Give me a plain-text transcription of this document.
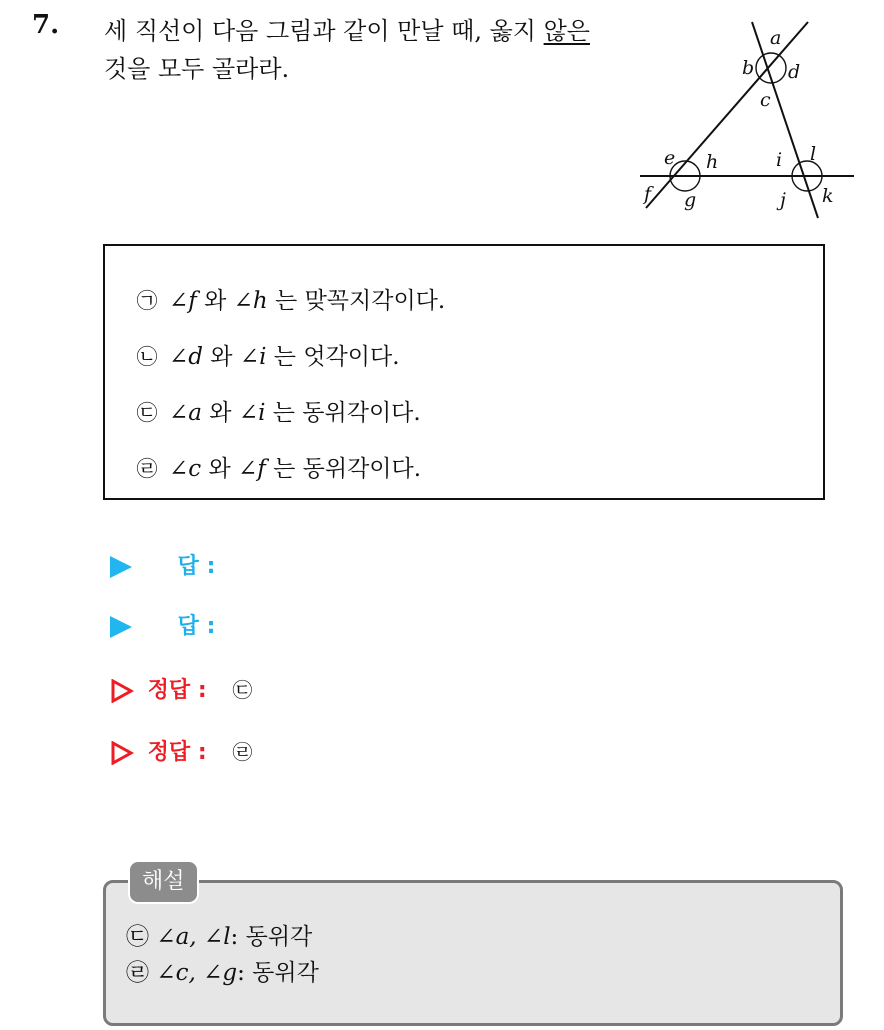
7. 세 직선이 다음 그림과 같이 만날 때, 옳지 않은
것을 모두 골라라.
a
b
c
d
e
f g
h	i
j k
l
㉠ ∠f 와 ∠h 는 맞꼭지각이다.
㉡ ∠d 와 ∠i 는 엇각이다.
㉢ ∠a 와 ∠i 는 동위각이다.
㉣ ∠c 와 ∠f 는 동위각이다.
답 :
답 :
정답 : ㉢
정답 : ㉣
해설
㉢ ∠a, ∠l: 동위각
㉣ ∠c, ∠g: 동위각
